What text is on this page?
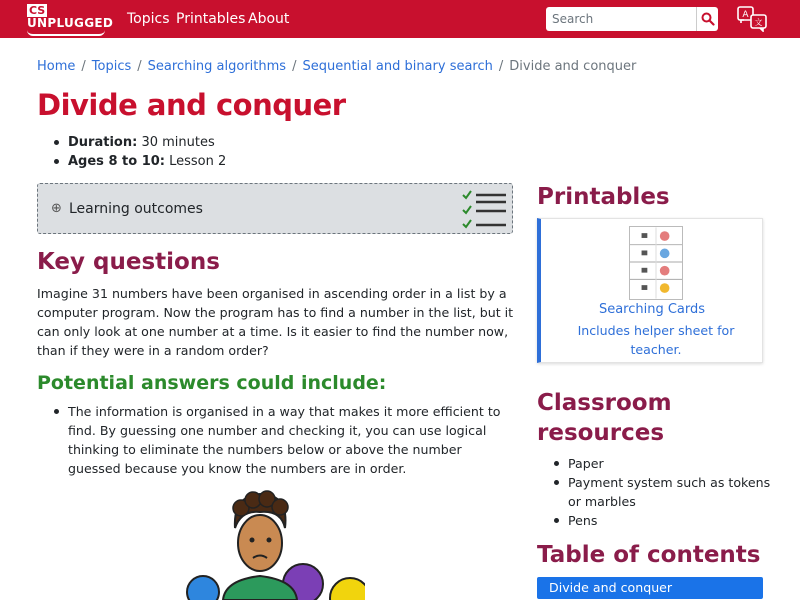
CS
UNPLUGGED Topics Printables About
Search	A
文
Home / Topics / Searching algorithms / Sequential and binary search / Divide and conquer
Divide and conquer
Duration: 30 minutes
Ages 8 to 10: Lesson 2
⊕ Learning outcomes
Key questions

Imagine 31 numbers have been organised in ascending order in a list by a computer program. Now the program has to find a number in the list, but it can only look at one number at a time. Is it easier to find the number now, than if they were in a random order?

Potential answers could include:
The information is organised in a way that makes it more efficient to find. By guessing one number and checking it, you can use logical thinking to eliminate the numbers below or above the number guessed because you know the numbers are in order.
Printables
Searching Cards
Includes helper sheet for teacher.
Classroom resources
Paper
Payment system such as tokens or marbles
Pens
Table of contents
Divide and conquer
